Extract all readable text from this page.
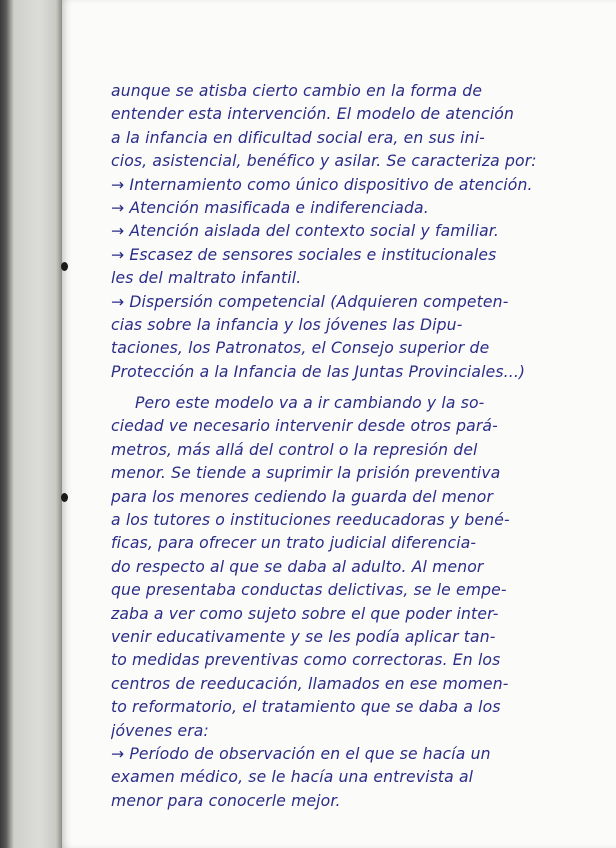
aunque se atisba cierto cambio en la forma de
entender esta intervención. El modelo de atención
a la infancia en dificultad social era, en sus ini-
cios, asistencial, benéfico y asilar. Se caracteriza por:
→ Internamiento como único dispositivo de atención.
→ Atención masificada e indiferenciada.
→ Atención aislada del contexto social y familiar.
→ Escasez de sensores sociales e institucionales
les del maltrato infantil.
→ Dispersión competencial (Adquieren competen-
cias sobre la infancia y los jóvenes las Dipu-
taciones, los Patronatos, el Consejo superior de
Protección a la Infancia de las Juntas Provinciales...)
Pero este modelo va a ir cambiando y la so-
ciedad ve necesario intervenir desde otros pará-
metros, más allá del control o la represión del
menor. Se tiende a suprimir la prisión preventiva
para los menores cediendo la guarda del menor
a los tutores o instituciones reeducadoras y bené-
ficas, para ofrecer un trato judicial diferencia-
do respecto al que se daba al adulto. Al menor
que presentaba conductas delictivas, se le empe-
zaba a ver como sujeto sobre el que poder inter-
venir educativamente y se les podía aplicar tan-
to medidas preventivas como correctoras. En los
centros de reeducación, llamados en ese momen-
to reformatorio, el tratamiento que se daba a los
jóvenes era:
→ Período de observación en el que se hacía un
examen médico, se le hacía una entrevista al
menor para conocerle mejor.
